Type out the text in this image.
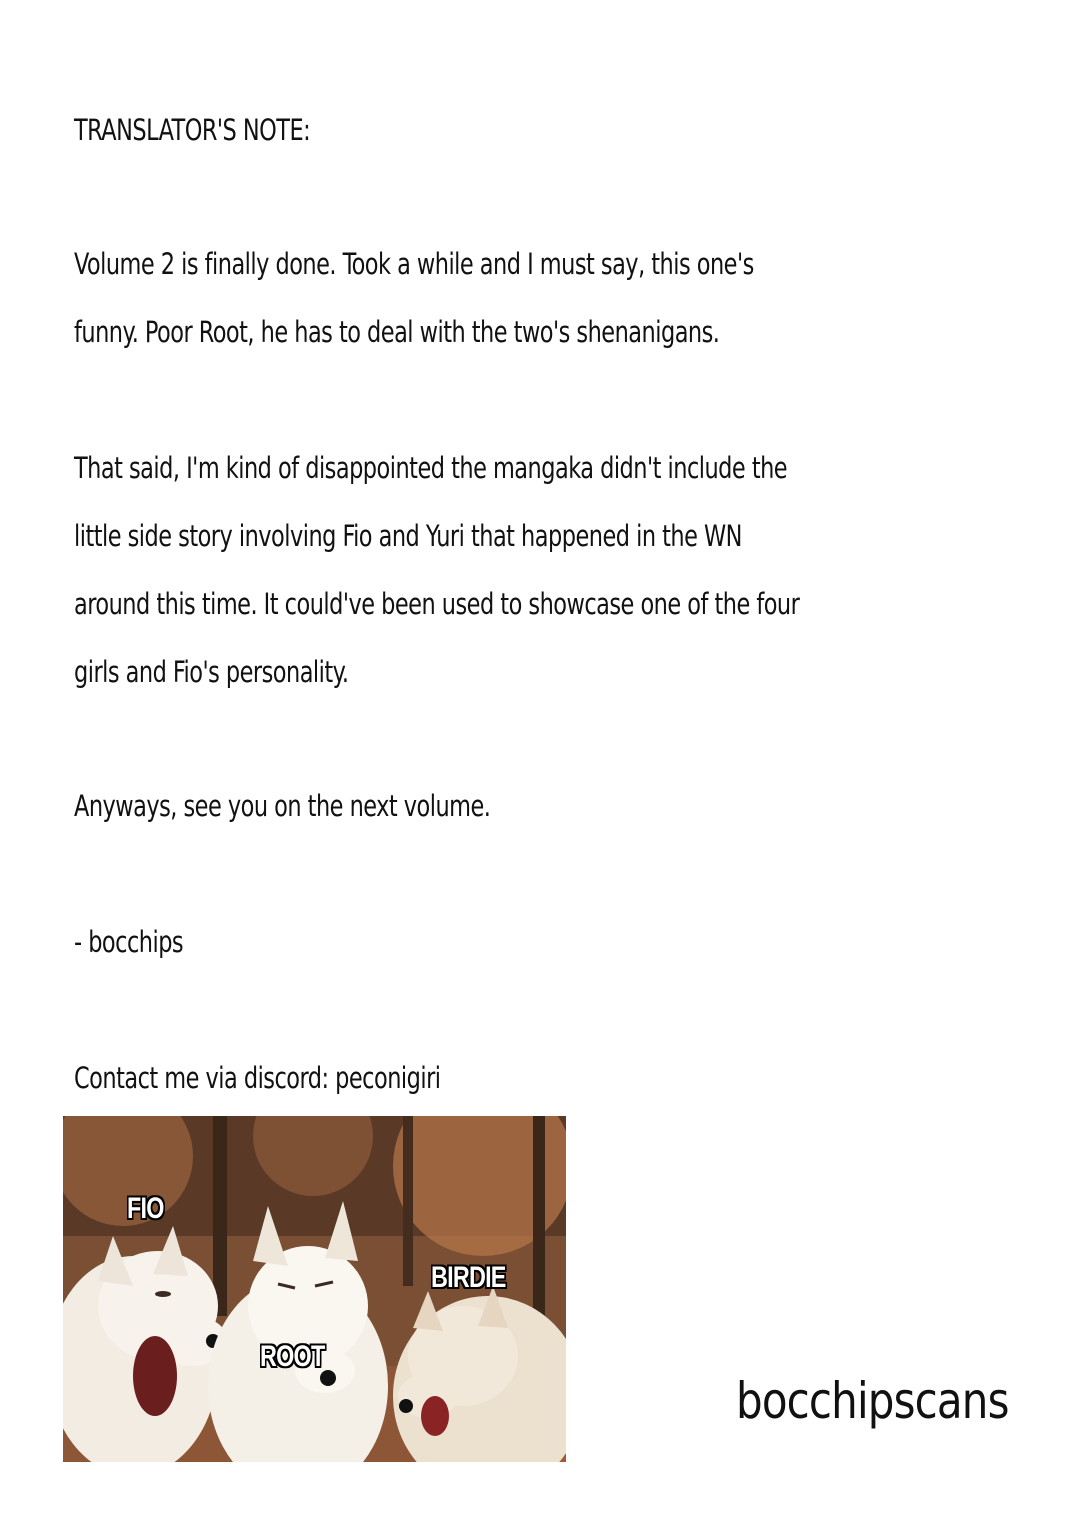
TRANSLATOR'S NOTE:
Volume 2 is finally done. Took a while and I must say, this one's
funny. Poor Root, he has to deal with the two's shenanigans.
That said, I'm kind of disappointed the mangaka didn't include the
little side story involving Fio and Yuri that happened in the WN
around this time. It could've been used to showcase one of the four
girls and Fio's personality.
Anyways, see you on the next volume.
- bocchips
Contact me via discord: peconigiri
FIO
BIRDIE
ROOT
bocchipscans
